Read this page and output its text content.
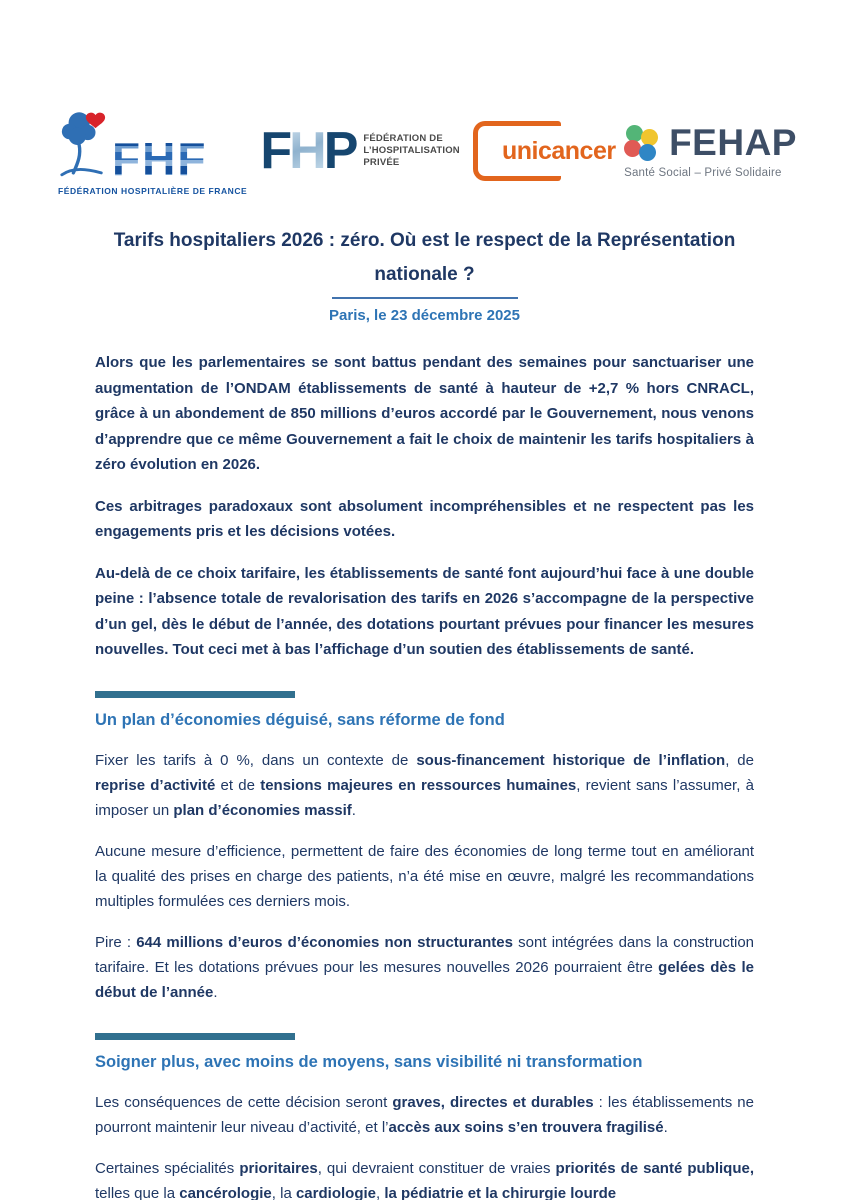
FHF
FÉDÉRATION HOSPITALIÈRE DE FRANCE
FHP FÉDÉRATION DE
L’HOSPITALISATION
PRIVÉE	unicancer FEHAP
Santé Social – Privé Solidaire
Tarifs hospitaliers 2026 : zéro. Où est le respect de la Représentation nationale ?
Paris, le 23 décembre 2025

Alors que les parlementaires se sont battus pendant des semaines pour sanctuariser une augmentation de l’ONDAM établissements de santé à hauteur de +2,7 % hors CNRACL, grâce à un abondement de 850 millions d’euros accordé par le Gouvernement, nous venons d’apprendre que ce même Gouvernement a fait le choix de maintenir les tarifs hospitaliers à zéro évolution en 2026.

Ces arbitrages paradoxaux sont absolument incompréhensibles et ne respectent pas les engagements pris et les décisions votées.

Au-delà de ce choix tarifaire, les établissements de santé font aujourd’hui face à une double peine : l’absence totale de revalorisation des tarifs en 2026 s’accompagne de la perspective d’un gel, dès le début de l’année, des dotations pourtant prévues pour financer les mesures nouvelles. Tout ceci met à bas l’affichage d’un soutien des établissements de santé.

Un plan d’économies déguisé, sans réforme de fond

Fixer les tarifs à 0 %, dans un contexte de sous-financement historique de l’inflation, de reprise d’activité et de tensions majeures en ressources humaines, revient sans l’assumer, à imposer un plan d’économies massif.

Aucune mesure d’efficience, permettent de faire des économies de long terme tout en améliorant la qualité des prises en charge des patients, n’a été mise en œuvre, malgré les recommandations multiples formulées ces derniers mois.

Pire : 644 millions d’euros d’économies non structurantes sont intégrées dans la construction tarifaire. Et les dotations prévues pour les mesures nouvelles 2026 pourraient être gelées dès le début de l’année.

Soigner plus, avec moins de moyens, sans visibilité ni transformation

Les conséquences de cette décision seront graves, directes et durables : les établissements ne pourront maintenir leur niveau d’activité, et l’accès aux soins s’en trouvera fragilisé.

Certaines spécialités prioritaires, qui devraient constituer de vraies priorités de santé publique, telles que la cancérologie, la cardiologie, la pédiatrie et la chirurgie lourde
